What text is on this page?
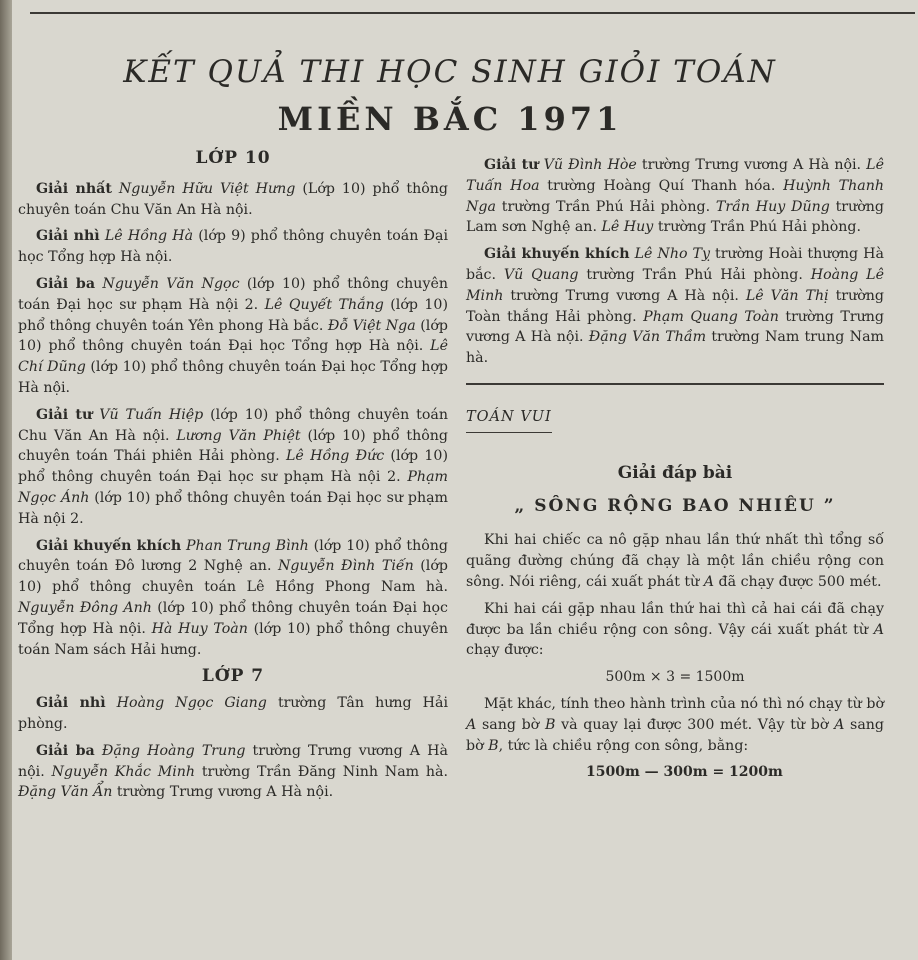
KẾT QUẢ THI HỌC SINH GIỎI TOÁN
MIỀN BẮC 1971
LỚP 10

Giải nhất Nguyễn Hữu Việt Hưng (Lớp 10) phổ thông chuyên toán Chu Văn An Hà nội.

Giải nhì Lê Hồng Hà (lớp 9) phổ thông chuyên toán Đại học Tổng hợp Hà nội.

Giải ba Nguyễn Văn Ngọc (lớp 10) phổ thông chuyên toán Đại học sư phạm Hà nội 2. Lê Quyết Thắng (lớp 10) phổ thông chuyên toán Yên phong Hà bắc. Đỗ Việt Nga (lớp 10) phổ thông chuyên toán Đại học Tổng hợp Hà nội. Lê Chí Dũng (lớp 10) phổ thông chuyên toán Đại học Tổng hợp Hà nội.

Giải tư Vũ Tuấn Hiệp (lớp 10) phổ thông chuyên toán Chu Văn An Hà nội. Lương Văn Phiệt (lớp 10) phổ thông chuyên toán Thái phiên Hải phòng. Lê Hồng Đức (lớp 10) phổ thông chuyên toán Đại học sư phạm Hà nội 2. Phạm Ngọc Ánh (lớp 10) phổ thông chuyên toán Đại học sư phạm Hà nội 2.

Giải khuyến khích Phan Trung Bình (lớp 10) phổ thông chuyên toán Đô lương 2 Nghệ an. Nguyễn Đình Tiến (lớp 10) phổ thông chuyên toán Lê Hồng Phong Nam hà. Nguyễn Đông Anh (lớp 10) phổ thông chuyên toán Đại học Tổng hợp Hà nội. Hà Huy Toàn (lớp 10) phổ thông chuyên toán Nam sách Hải hưng.

LỚP 7

Giải nhì Hoàng Ngọc Giang trường Tân hưng Hải phòng.

Giải ba Đặng Hoàng Trung trường Trưng vương A Hà nội. Nguyễn Khắc Minh trường Trần Đăng Ninh Nam hà. Đặng Văn Ẩn trường Trưng vương A Hà nội.

Giải tư Vũ Đình Hòe trường Trưng vương A Hà nội. Lê Tuấn Hoa trường Hoàng Quí Thanh hóa. Huỳnh Thanh Nga trường Trần Phú Hải phòng. Trần Huy Dũng trường Lam sơn Nghệ an. Lê Huy trường Trần Phú Hải phòng.

Giải khuyến khích Lê Nho Tỵ trường Hoài thượng Hà bắc. Vũ Quang trường Trần Phú Hải phòng. Hoàng Lê Minh trường Trưng vương A Hà nội. Lê Văn Thị trường Toàn thắng Hải phòng. Phạm Quang Toàn trường Trưng vương A Hà nội. Đặng Văn Thầm trường Nam trung Nam hà.

TOÁN VUI
Giải đáp bài
„ SÔNG RỘNG BAO NHIÊU ”

Khi hai chiếc ca nô gặp nhau lần thứ nhất thì tổng số quãng đường chúng đã chạy là một lần chiều rộng con sông. Nói riêng, cái xuất phát từ A đã chạy được 500 mét.

Khi hai cái gặp nhau lần thứ hai thì cả hai cái đã chạy được ba lần chiều rộng con sông. Vậy cái xuất phát từ A chạy được:

500m × 3 = 1500m

Mặt khác, tính theo hành trình của nó thì nó chạy từ bờ A sang bờ B và quay lại được 300 mét. Vậy từ bờ A sang bờ B, tức là chiều rộng con sông, bằng:

1500m — 300m = 1200m
